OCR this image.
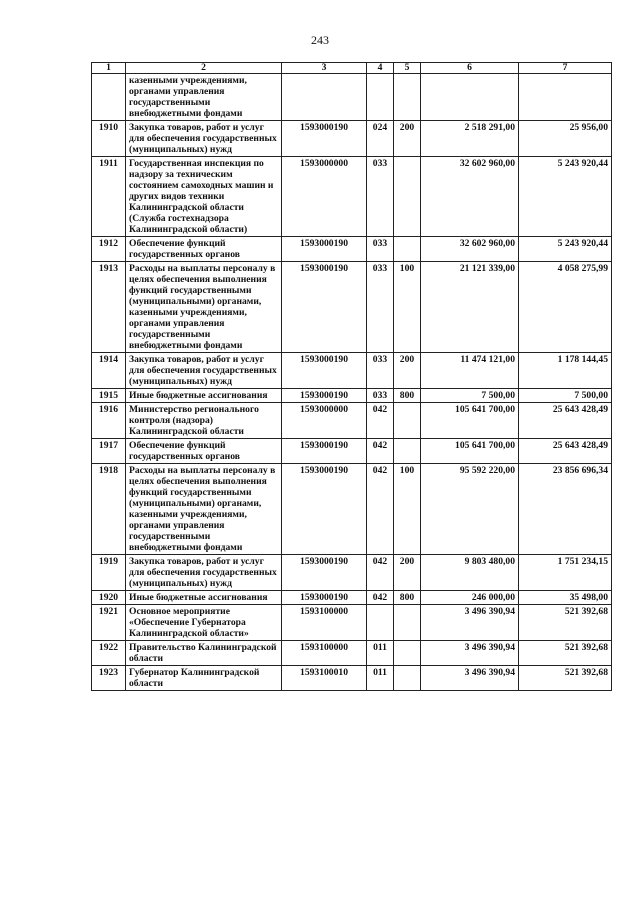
243
1	2	3	4	5	6	7
	казенными учреждениями, органами управления государственными внебюджетными фондами					
1910	Закупка товаров, работ и услуг для обеспечения государственных (муниципальных) нужд	1593000190	024	200	2 518 291,00	25 956,00
1911	Государственная инспекция по надзору за техническим состоянием самоходных машин и других видов техники Калининградской области (Служба гостехнадзора Калининградской области)	1593000000	033		32 602 960,00	5 243 920,44
1912	Обеспечение функций государственных органов	1593000190	033		32 602 960,00	5 243 920,44
1913	Расходы на выплаты персоналу в целях обеспечения выполнения функций государственными (муниципальными) органами, казенными учреждениями, органами управления государственными внебюджетными фондами	1593000190	033	100	21 121 339,00	4 058 275,99
1914	Закупка товаров, работ и услуг для обеспечения государственных (муниципальных) нужд	1593000190	033	200	11 474 121,00	1 178 144,45
1915	Иные бюджетные ассигнования	1593000190	033	800	7 500,00	7 500,00
1916	Министерство регионального контроля (надзора) Калининградской области	1593000000	042		105 641 700,00	25 643 428,49
1917	Обеспечение функций государственных органов	1593000190	042		105 641 700,00	25 643 428,49
1918	Расходы на выплаты персоналу в целях обеспечения выполнения функций государственными (муниципальными) органами, казенными учреждениями, органами управления государственными внебюджетными фондами	1593000190	042	100	95 592 220,00	23 856 696,34
1919	Закупка товаров, работ и услуг для обеспечения государственных (муниципальных) нужд	1593000190	042	200	9 803 480,00	1 751 234,15
1920	Иные бюджетные ассигнования	1593000190	042	800	246 000,00	35 498,00
1921	Основное мероприятие «Обеспечение Губернатора Калининградской области»	1593100000			3 496 390,94	521 392,68
1922	Правительство Калининградской области	1593100000	011		3 496 390,94	521 392,68
1923	Губернатор Калининградской области	1593100010	011		3 496 390,94	521 392,68
